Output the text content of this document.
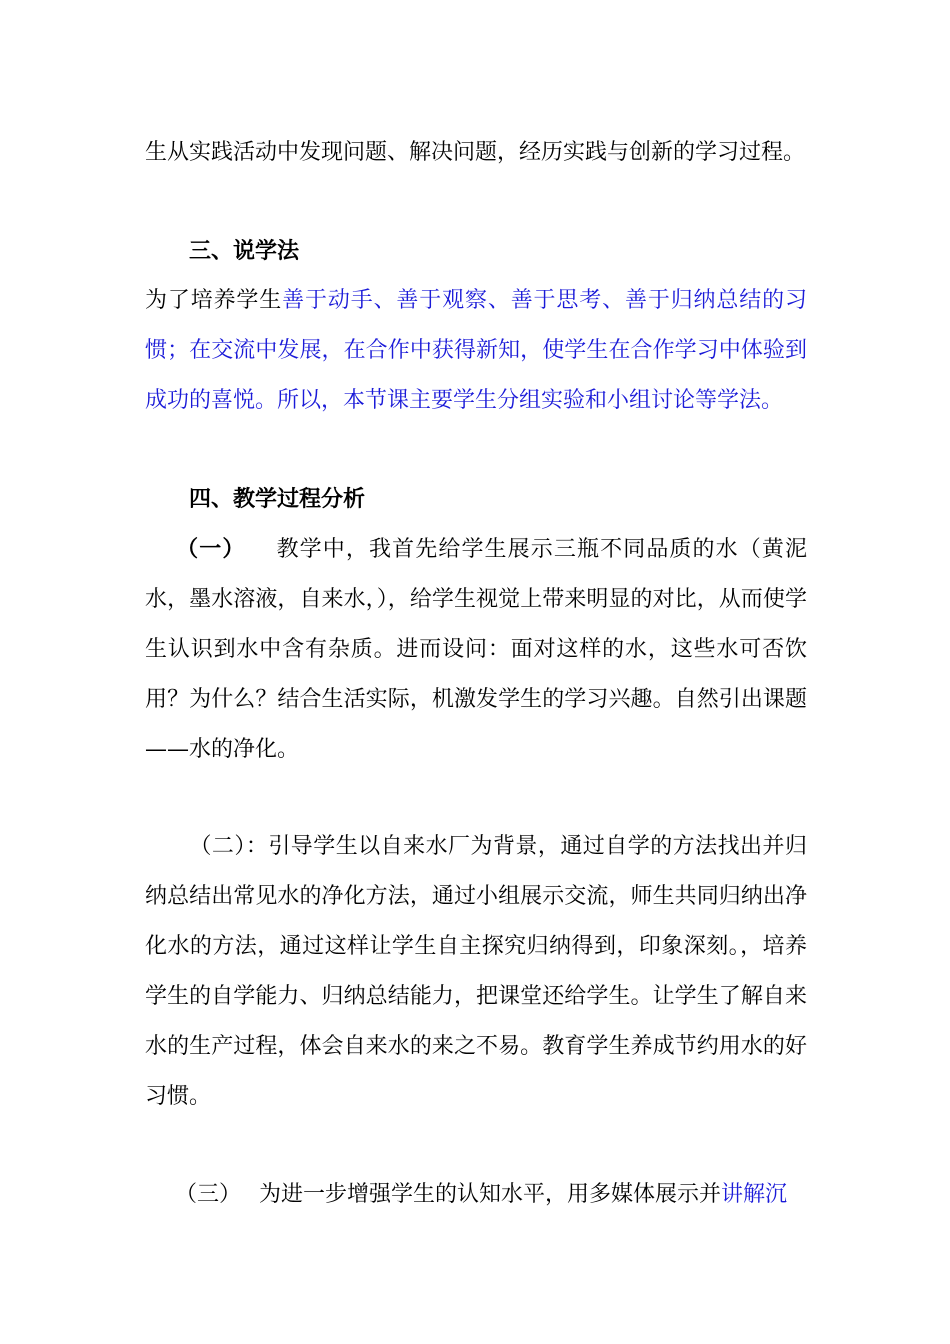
生从实践活动中发现问题、解决问题，经历实践与创新的学习过程。

三、说学法

为了培养学生善于动手、善于观察、善于思考、善于归纳总结的习惯；在交流中发展，在合作中获得新知，使学生在合作学习中体验到成功的喜悦。所以，本节课主要学生分组实验和小组讨论等学法。

四、教学过程分析

（一） 教学中，我首先给学生展示三瓶不同品质的水（黄泥水，墨水溶液，自来水，），给学生视觉上带来明显的对比，从而使学生认识到水中含有杂质。进而设问：面对这样的水，这些水可否饮用？为什么？结合生活实际，机激发学生的学习兴趣。自然引出课题——水的净化。

（二）：引导学生以自来水厂为背景，通过自学的方法找出并归纳总结出常见水的净化方法，通过小组展示交流，师生共同归纳出净化水的方法，通过这样让学生自主探究归纳得到，印象深刻。，培养学生的自学能力、归纳总结能力，把课堂还给学生。让学生了解自来水的生产过程，体会自来水的来之不易。教育学生养成节约用水的好习惯。

（三） 为进一步增强学生的认知水平，用多媒体展示并讲解沉
